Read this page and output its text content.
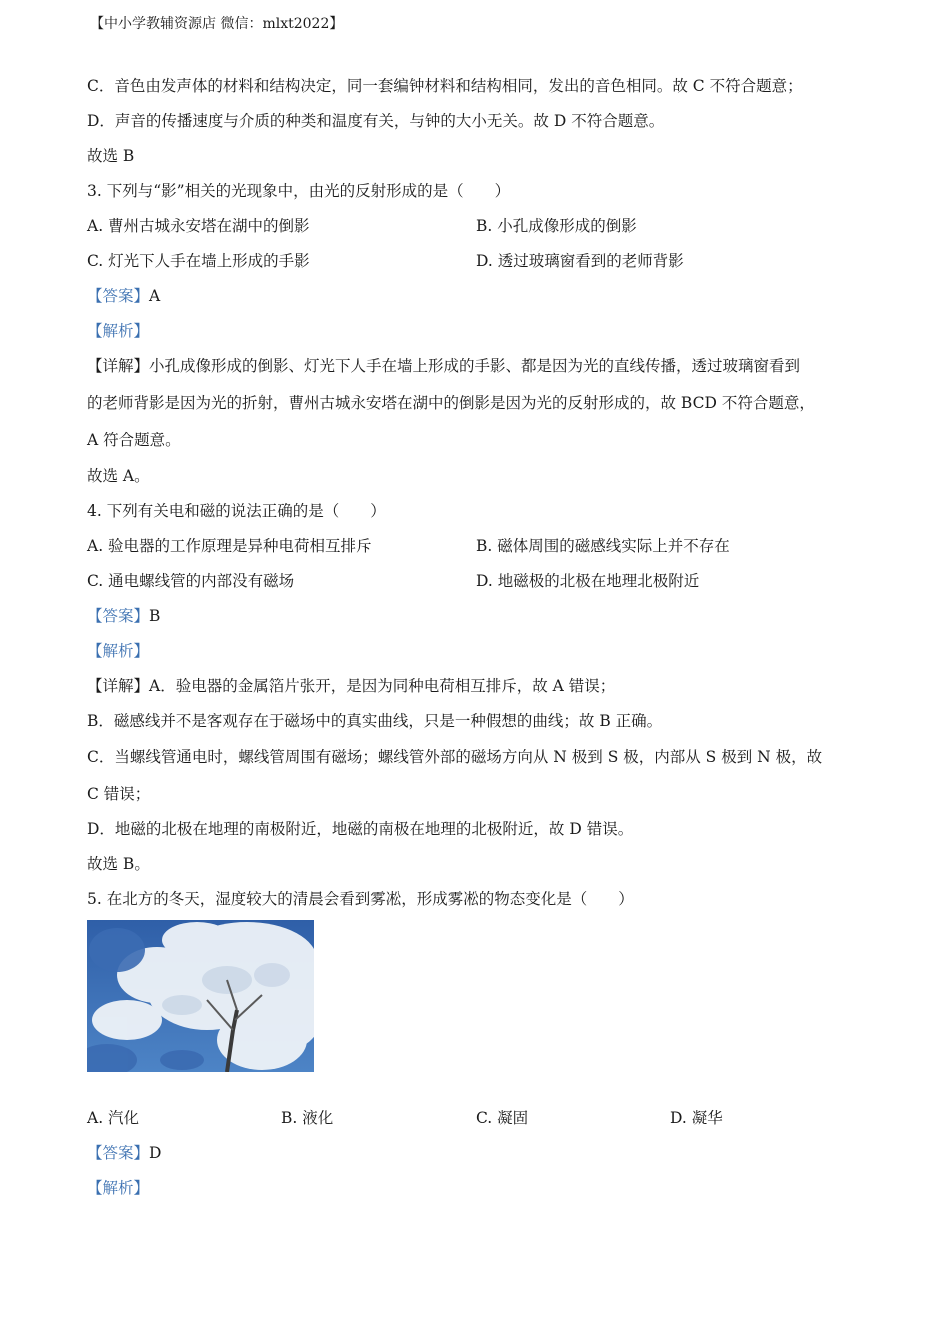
【中小学教辅资源店 微信：mlxt2022】
C．音色由发声体的材料和结构决定，同一套编钟材料和结构相同，发出的音色相同。故 C 不符合题意；
D．声音的传播速度与介质的种类和温度有关，与钟的大小无关。故 D 不符合题意。
故选 B
3. 下列与“影”相关的光现象中，由光的反射形成的是（　　）
A. 曹州古城永安塔在湖中的倒影	B. 小孔成像形成的倒影
C. 灯光下人手在墙上形成的手影	D. 透过玻璃窗看到的老师背影
【答案】A
【解析】
【详解】小孔成像形成的倒影、灯光下人手在墙上形成的手影、都是因为光的直线传播，透过玻璃窗看到
的老师背影是因为光的折射，曹州古城永安塔在湖中的倒影是因为光的反射形成的，故 BCD 不符合题意，
A 符合题意。
故选 A。
4. 下列有关电和磁的说法正确的是（　　）
A. 验电器的工作原理是异种电荷相互排斥	B. 磁体周围的磁感线实际上并不存在
C. 通电螺线管的内部没有磁场	D. 地磁极的北极在地理北极附近
【答案】B
【解析】
【详解】A．验电器的金属箔片张开，是因为同种电荷相互排斥，故 A 错误；
B．磁感线并不是客观存在于磁场中的真实曲线，只是一种假想的曲线；故 B 正确。
C．当螺线管通电时，螺线管周围有磁场；螺线管外部的磁场方向从 N 极到 S 极，内部从 S 极到 N 极，故
C 错误；
D．地磁的北极在地理的南极附近，地磁的南极在地理的北极附近，故 D 错误。
故选 B。
5. 在北方的冬天，湿度较大的清晨会看到雾凇，形成雾凇的物态变化是（　　）
A. 汽化	B. 液化	C. 凝固	D. 凝华
【答案】D
【解析】
